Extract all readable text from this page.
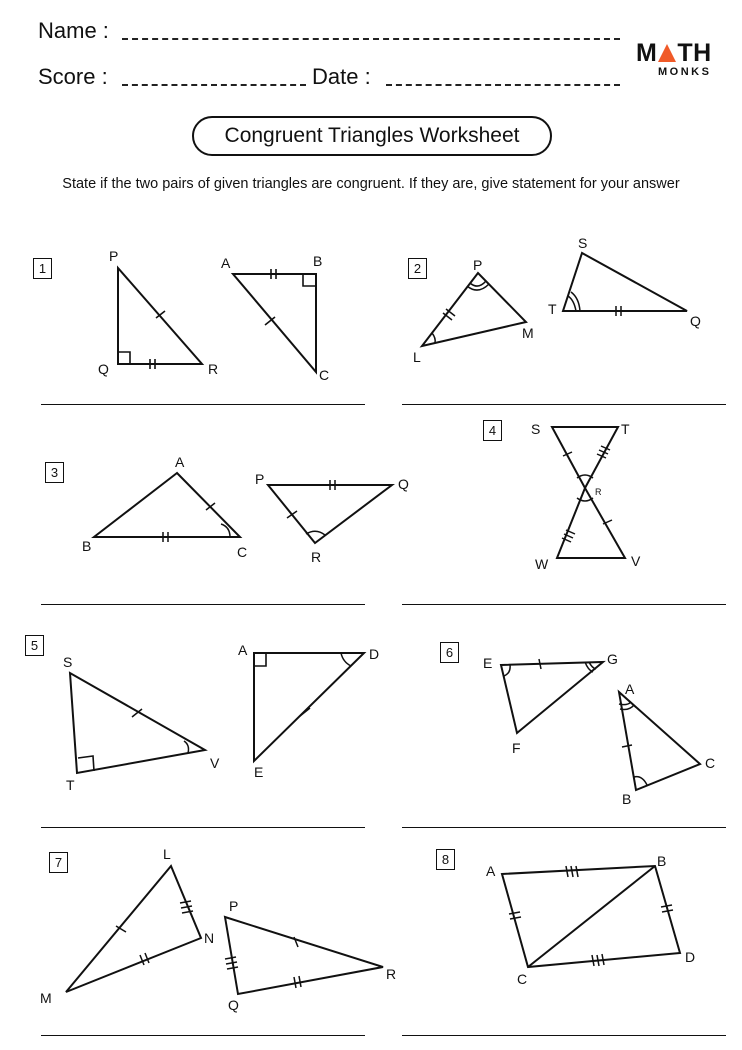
Name :
Score :	Date :
M TH
MONKS
Congruent Triangles Worksheet
State if the two pairs of given triangles are congruent. If they are, give statement for your answer
1	2
3
4
5	6
7	8
P
Q	R
A	B
C
P
L
M
S
T
Q
A
B	C
P	Q
R
S	T
R
W	V
S
T
V
A	D
E
E	G
F
A
C
B
L
M
N
P
Q
R
A
B
C
D
